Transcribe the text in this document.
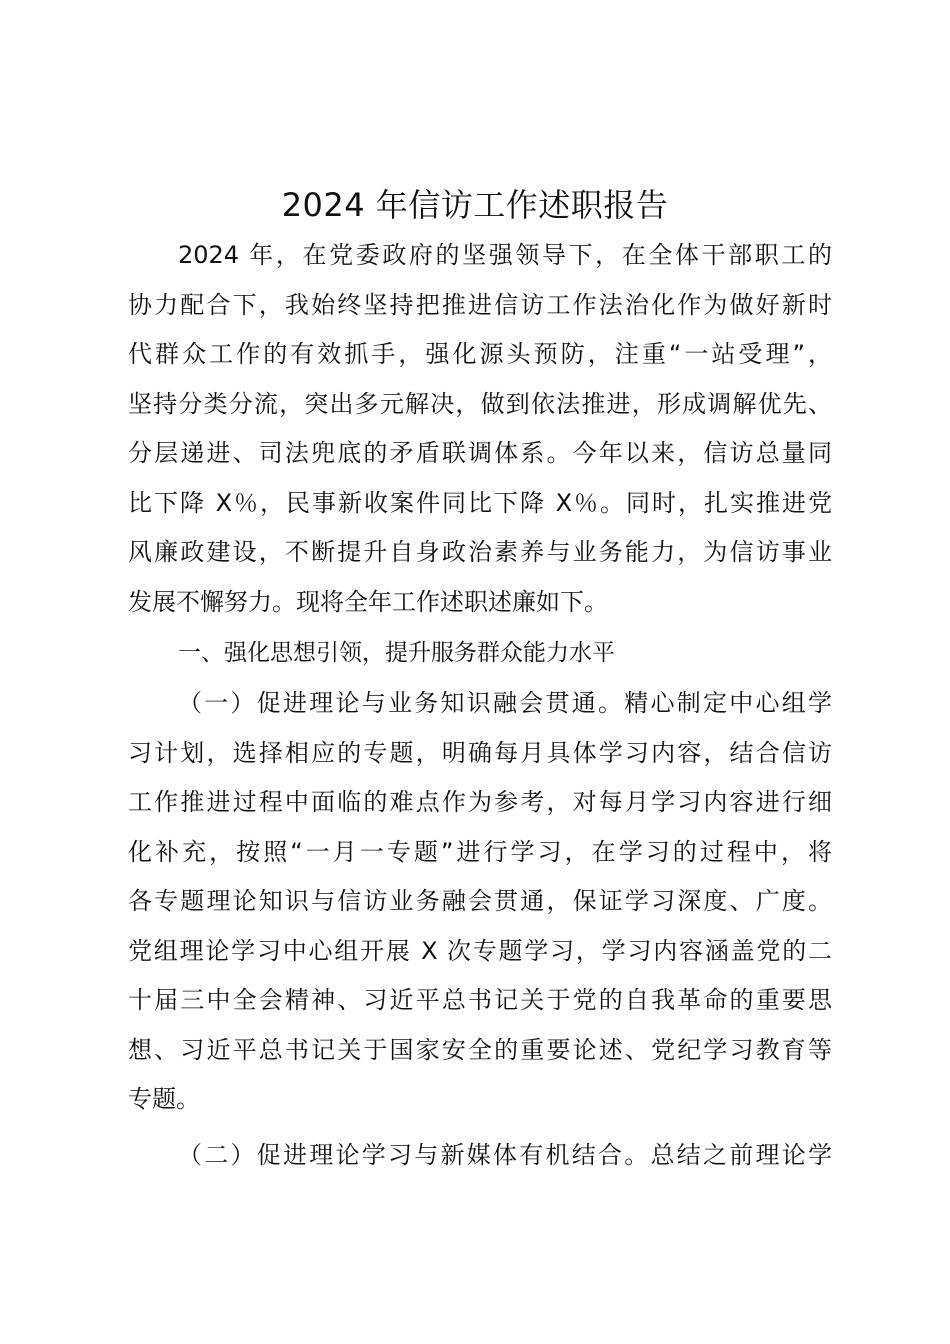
2024 年信访工作述职报告
2024 年，在党委政府的坚强领导下，在全体干部职工的
协力配合下，我始终坚持把推进信访工作法治化作为做好新时
代群众工作的有效抓手，强化源头预防，注重“一站受理”，
坚持分类分流，突出多元解决，做到依法推进，形成调解优先、
分层递进、司法兜底的矛盾联调体系。今年以来，信访总量同
比下降 X％，民事新收案件同比下降 X％。同时，扎实推进党
风廉政建设，不断提升自身政治素养与业务能力，为信访事业
发展不懈努力。现将全年工作述职述廉如下。
一、强化思想引领，提升服务群众能力水平
（一）促进理论与业务知识融会贯通。精心制定中心组学
习计划，选择相应的专题，明确每月具体学习内容，结合信访
工作推进过程中面临的难点作为参考，对每月学习内容进行细
化补充，按照“一月一专题”进行学习，在学习的过程中，将
各专题理论知识与信访业务融会贯通，保证学习深度、广度。
党组理论学习中心组开展 X 次专题学习，学习内容涵盖党的二
十届三中全会精神、习近平总书记关于党的自我革命的重要思
想、习近平总书记关于国家安全的重要论述、党纪学习教育等
专题。
（二）促进理论学习与新媒体有机结合。总结之前理论学
